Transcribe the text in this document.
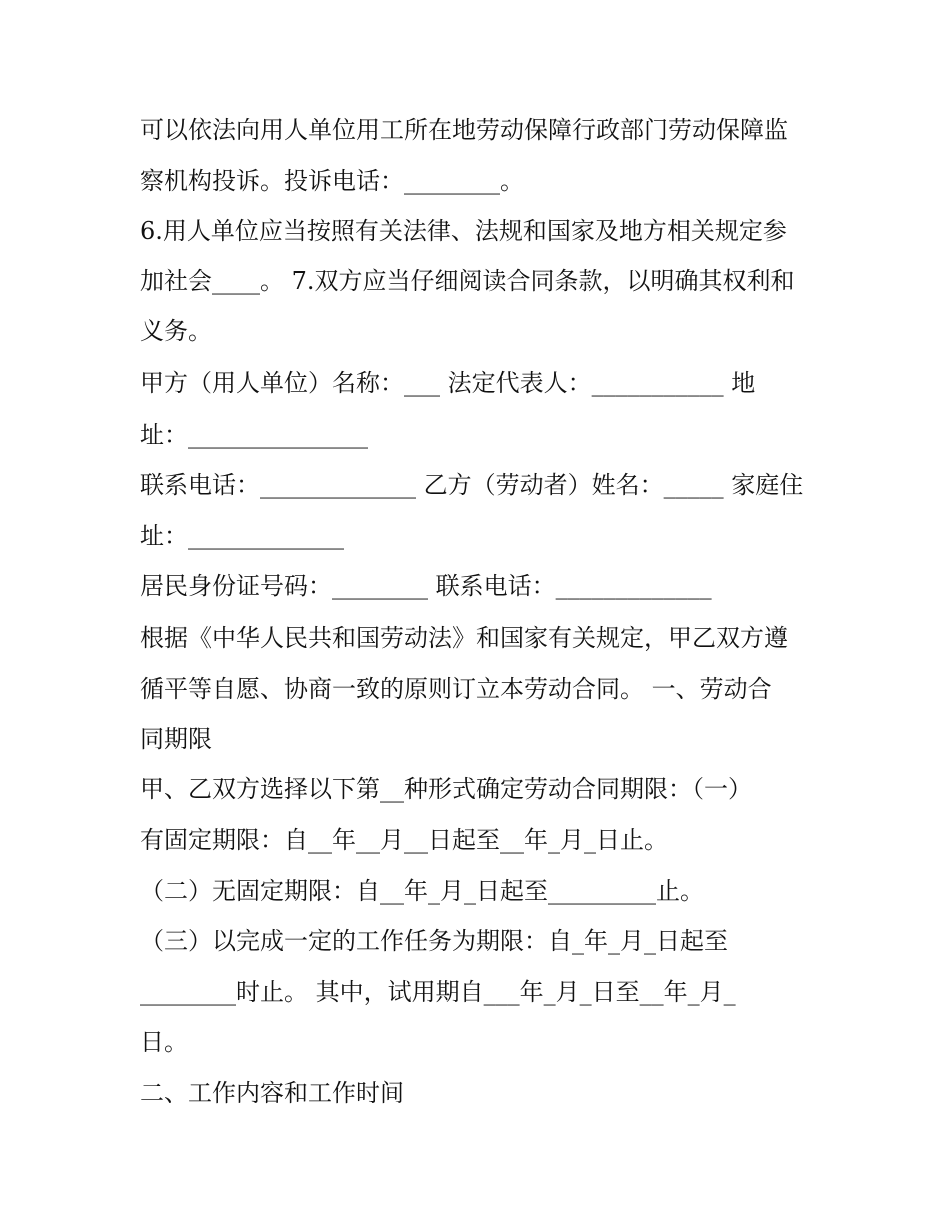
可以依法向用人单位用工所在地劳动保障行政部门劳动保障监
察机构投诉。投诉电话：________。
6.用人单位应当按照有关法律、法规和国家及地方相关规定参
加社会____。 7.双方应当仔细阅读合同条款，以明确其权利和
义务。
甲方（用人单位）名称：___ 法定代表人：___________ 地
址：_______________
联系电话：_____________ 乙方（劳动者）姓名：_____ 家庭住
址：_____________
居民身份证号码：________ 联系电话：_____________
根据《中华人民共和国劳动法》和国家有关规定，甲乙双方遵
循平等自愿、协商一致的原则订立本劳动合同。 一、劳动合
同期限
甲、乙双方选择以下第__种形式确定劳动合同期限：（一）
有固定期限：自__年__月__日起至__年_月_日止。
（二）无固定期限：自__年_月_日起至_________止。
（三）以完成一定的工作任务为期限：自_年_月_日起至
________时止。 其中，试用期自___年_月_日至__年_月_
日。
二、工作内容和工作时间
